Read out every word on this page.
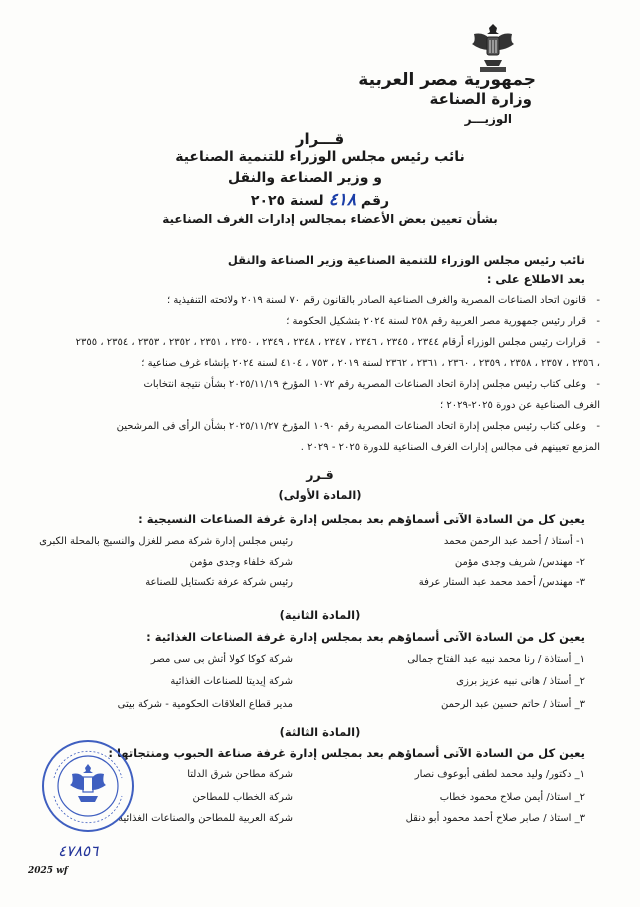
جمهورية مصر العربية
وزارة الصناعة
الوزيـــر
قـــرار
نائب رئيس مجلس الوزراء للتنمية الصناعية
و وزير الصناعة والنقل
رقم ٤١٨ لسنة ٢٠٢٥
بشأن تعيين بعض الأعضاء بمجالس إدارات الغرف الصناعية
نائب رئيس مجلس الوزراء للتنمية الصناعية وزير الصناعة والنقل
بعد الاطلاع على :
-قانون اتحاد الصناعات المصرية والغرف الصناعية الصادر بالقانون رقم ٧٠ لسنة ٢٠١٩ ولائحته التنفيذية ؛
-قرار رئيس جمهورية مصر العربية رقم ٢٥٨ لسنة ٢٠٢٤ بتشكيل الحكومة ؛
-قرارات رئيس مجلس الوزراء أرقام ٢٣٤٤ ، ٢٣٤٥ ، ٢٣٤٦ ، ٢٣٤٧ ، ٢٣٤٨ ، ٢٣٤٩ ، ٢٣٥٠ ، ٢٣٥١ ، ٢٣٥٢ ، ٢٣٥٣ ، ٢٣٥٤ ، ٢٣٥٥
، ٢٣٥٦ ، ٢٣٥٧ ، ٢٣٥٨ ، ٢٣٥٩ ، ٢٣٦٠ ، ٢٣٦١ ، ٢٣٦٢ لسنة ٢٠١٩ ، ٧٥٣ ، ٤١٠٤ لسنة ٢٠٢٤ بإنشاء غرف صناعية ؛
-وعلى كتاب رئيس مجلس إدارة اتحاد الصناعات المصرية رقم ١٠٧٢ المؤرخ ٢٠٢٥/١١/١٩ بشأن نتيجة انتخابات
الغرف الصناعية عن دورة ٢٠٢٥-٢٠٢٩ ؛
-وعلى كتاب رئيس مجلس إدارة اتحاد الصناعات المصرية رقم ١٠٩٠ المؤرخ ٢٠٢٥/١١/٢٧ بشأن الرأى فى المرشحين
المزمع تعيينهم فى مجالس إدارات الغرف الصناعية للدورة ٢٠٢٥ - ٢٠٢٩ .
قـرر
(المادة الأولى)
يعين كل من السادة الآتى أسماؤهم بعد بمجلس إدارة غرفة الصناعات النسيجية :
١- أستاذ / أحمد عبد الرحمن محمد
رئيس مجلس إدارة شركة مصر للغزل والنسيج بالمحلة الكبرى
٢- مهندس/ شريف وجدى مؤمن
شركة خلفاء وجدى مؤمن
٣- مهندس/ أحمد محمد عبد الستار عرفة
رئيس شركة عرفة تكستايل للصناعة
(المادة الثانية)
يعين كل من السادة الآتى أسماؤهم بعد بمجلس إدارة غرفة الصناعات الغذائية :
١_ أستاذة / رنا محمد نبيه عبد الفتاح جمالى
شركة كوكا كولا أتش بى سى مصر
٢_ أستاذ / هانى نبيه عزيز برزى
شركة إيديتا للصناعات الغذائية
٣_ أستاذ / حاتم حسين عبد الرحمن
مدير قطاع العلاقات الحكومية - شركة بيتى
(المادة الثالثة)
يعين كل من السادة الآتى أسماؤهم بعد بمجلس إدارة غرفة صناعة الحبوب ومنتجاتها :
١_ دكتور/ وليد محمد لطفى أبوعوف نصار
شركة مطاحن شرق الدلتا
٢_ استاذ/ أيمن صلاح محمود خطاب
شركة الخطاب للمطاحن
٣_ استاذ / صابر صلاح أحمد محمود أبو دنقل
شركة العربية للمطاحن والصناعات الغذائية
٤٧٨٥٦
2025 wf
